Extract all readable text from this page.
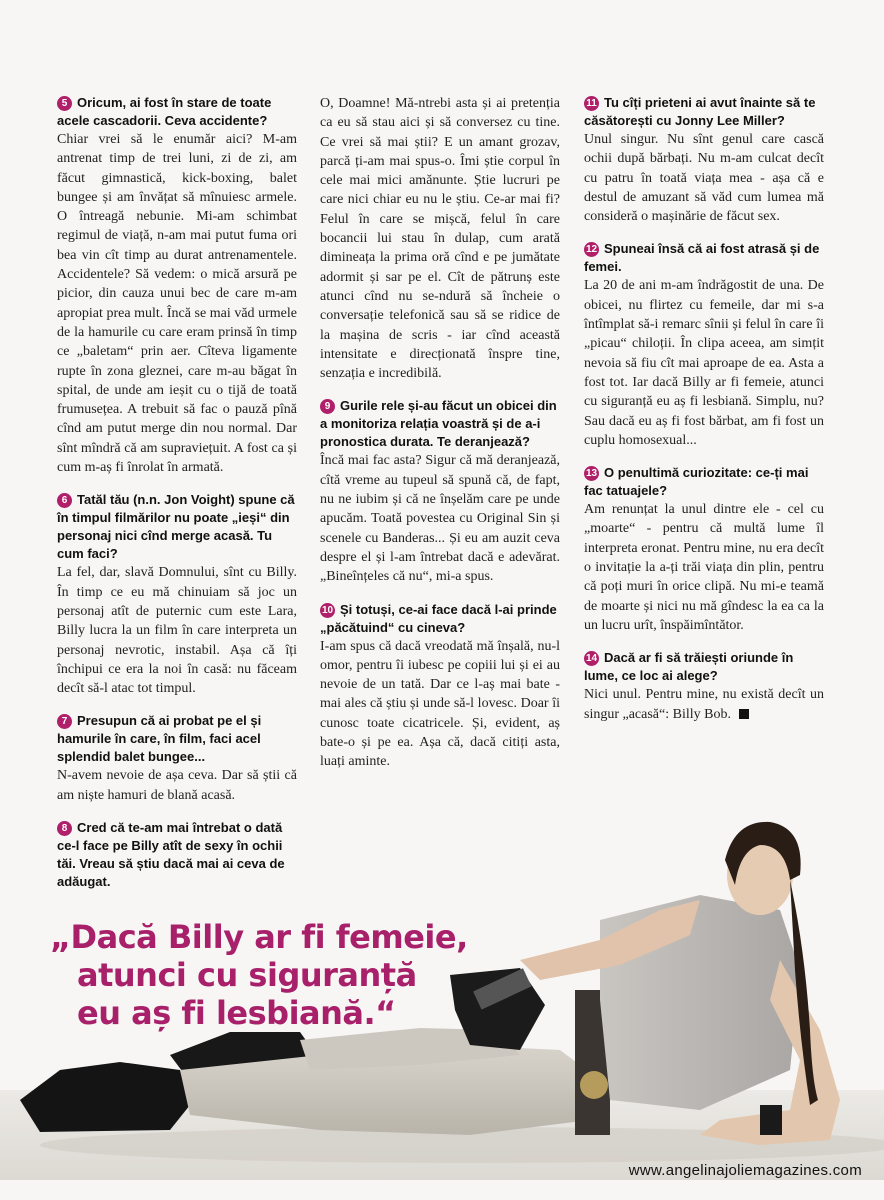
5 Oricum, ai fost în stare de toate acele cascadorii. Ceva accidente?

Chiar vrei să le enumăr aici? M-am antrenat timp de trei luni, zi de zi, am făcut gimnastică, kick-boxing, balet bungee și am învățat să mînuiesc armele. O întreagă nebunie. Mi-am schimbat regimul de viață, n-am mai putut fuma ori bea vin cît timp au durat antrenamentele. Accidentele? Să vedem: o mică arsură pe picior, din cauza unui bec de care m-am apropiat prea mult. Încă se mai văd urmele de la hamurile cu care eram prinsă în timp ce „baletam“ prin aer. Cîteva ligamente rupte în zona gleznei, care m-au băgat în spital, de unde am ieșit cu o tijă de toată frumusețea. A trebuit să fac o pauză pînă cînd am putut merge din nou normal. Dar sînt mîndră că am supraviețuit. A fost ca și cum m-aș fi înrolat în armată.

6 Tatăl tău (n.n. Jon Voight) spune că în timpul filmărilor nu poate „ieși“ din personaj nici cînd merge acasă. Tu cum faci?

La fel, dar, slavă Domnului, sînt cu Billy. În timp ce eu mă chinuiam să joc un personaj atît de puternic cum este Lara, Billy lucra la un film în care interpreta un personaj nevrotic, instabil. Așa că îți închipui ce era la noi în casă: nu făceam decît să-l atac tot timpul.

7 Presupun că ai probat pe el și hamurile în care, în film, faci acel splendid balet bungee...

N-avem nevoie de așa ceva. Dar să știi că am niște hamuri de blană acasă.

8 Cred că te-am mai întrebat o dată ce-l face pe Billy atît de sexy în ochii tăi. Vreau să știu dacă mai ai ceva de adăugat.

O, Doamne! Mă-ntrebi asta și ai pretenția ca eu să stau aici și să conversez cu tine. Ce vrei să mai știi? E un amant grozav, parcă ți-am mai spus-o. Îmi știe corpul în cele mai mici amănunte. Știe lucruri pe care nici chiar eu nu le știu. Ce-ar mai fi? Felul în care se mișcă, felul în care bocancii lui stau în dulap, cum arată dimineața la prima oră cînd e pe jumătate adormit și sar pe el. Cît de pătrunș este atunci cînd nu se-ndură să încheie o conversație telefonică sau să se ridice de la mașina de scris - iar cînd această intensitate e direcționată înspre tine, senzația e incredibilă.

9 Gurile rele și-au făcut un obicei din a monitoriza relația voastră și de a-i pronostica durata. Te deranjează?

Încă mai fac asta? Sigur că mă deranjează, cîtă vreme au tupeul să spună că, de fapt, nu ne iubim și că ne înșelăm care pe unde apucăm. Toată povestea cu Original Sin și scenele cu Banderas... Și eu am auzit ceva despre el și l-am întrebat dacă e adevărat. „Bineînțeles că nu“, mi-a spus.

10 Și totuși, ce-ai face dacă l-ai prinde „păcătuind“ cu cineva?

I-am spus că dacă vreodată mă înșală, nu-l omor, pentru îi iubesc pe copiii lui și ei au nevoie de un tată. Dar ce l-aș mai bate - mai ales că știu și unde să-l lovesc. Doar îi cunosc toate cicatricele. Și, evident, aș bate-o și pe ea. Așa că, dacă citiți asta, luați aminte.

11 Tu cîți prieteni ai avut înainte să te căsătorești cu Jonny Lee Miller?

Unul singur. Nu sînt genul care cască ochii după bărbați. Nu m-am culcat decît cu patru în toată viața mea - așa că e destul de amuzant să văd cum lumea mă consideră o mașinărie de făcut sex.

12 Spuneai însă că ai fost atrasă și de femei.

La 20 de ani m-am îndrăgostit de una. De obicei, nu flirtez cu femeile, dar mi s-a întîmplat să-i remarc sînii și felul în care îi „picau“ chiloții. În clipa aceea, am simțit nevoia să fiu cît mai aproape de ea. Asta a fost tot. Iar dacă Billy ar fi femeie, atunci cu siguranță eu aș fi lesbiană. Simplu, nu? Sau dacă eu aș fi fost bărbat, am fi fost un cuplu homosexual...

13 O penultimă curiozitate: ce-ți mai fac tatuajele?

Am renunțat la unul dintre ele - cel cu „moarte“ - pentru că multă lume îl interpreta eronat. Pentru mine, nu era decît o invitație la a-ți trăi viața din plin, pentru că poți muri în orice clipă. Nu mi-e teamă de moarte și nici nu mă gîndesc la ea ca la un lucru urît, înspăimîntător.

14 Dacă ar fi să trăiești oriunde în lume, ce loc ai alege?

Nici unul. Pentru mine, nu există decît un singur „acasă“: Billy Bob.

„Dacă Billy ar fi femeie,
atunci cu siguranță
eu aș fi lesbiană.“
www.angelinajoliemagazines.com
